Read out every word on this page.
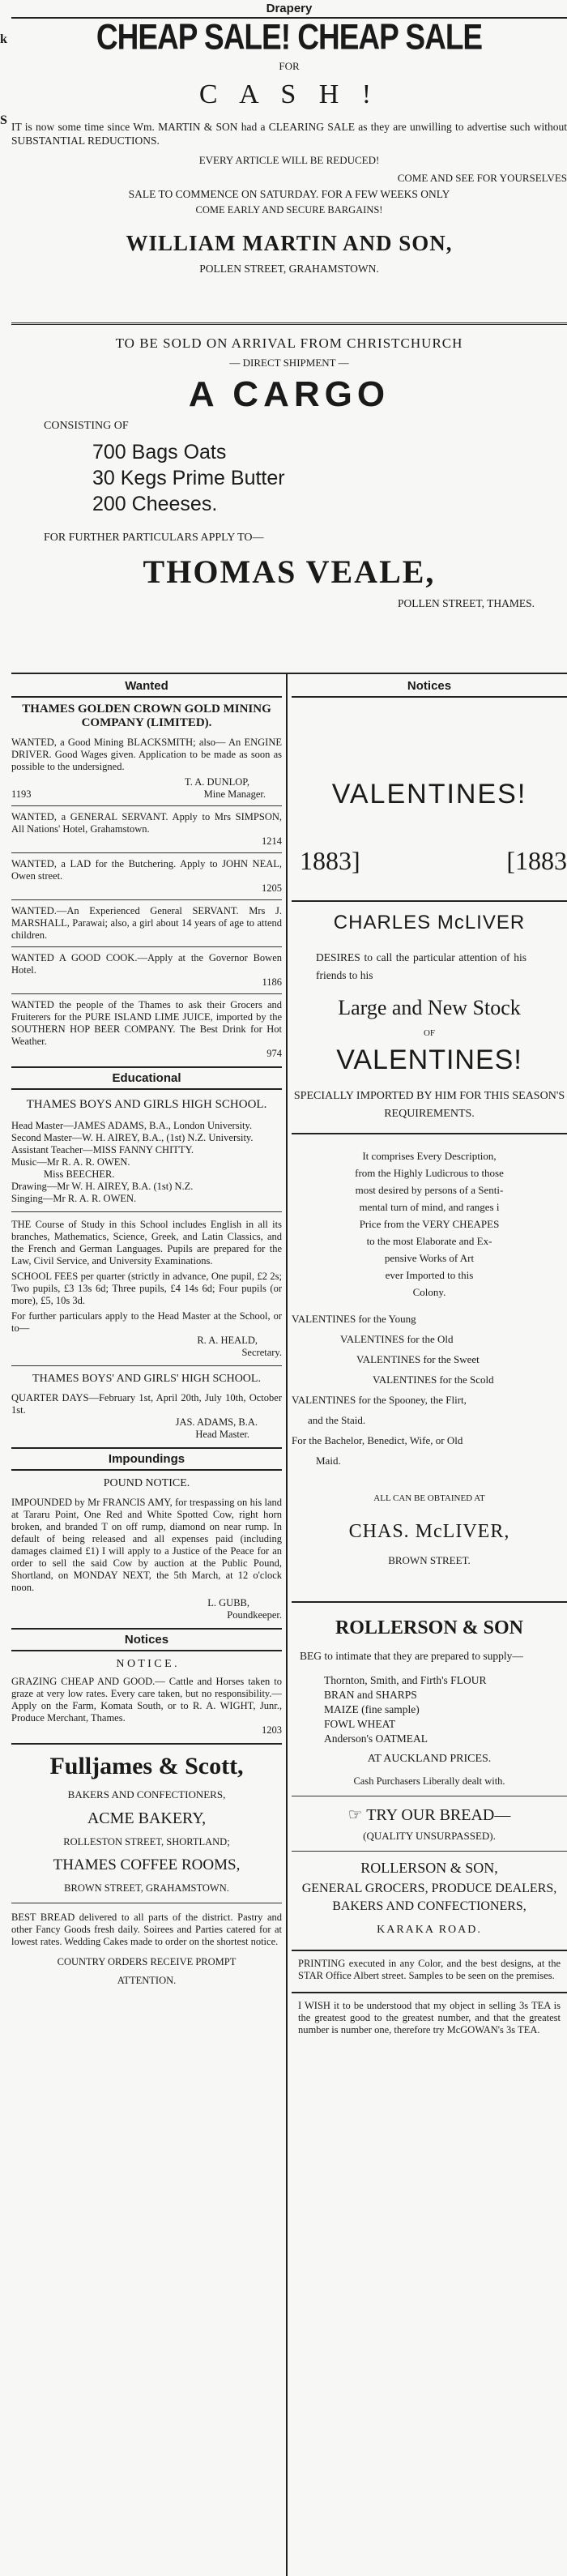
k
S
Drapery
CHEAP SALE! CHEAP SALE
FOR
C A S H !
IT is now some time since Wm. MARTIN & SON had a CLEARING SALE as they are unwilling to advertise such without SUBSTANTIAL REDUCTIONS.
EVERY ARTICLE WILL BE REDUCED!
COME AND SEE FOR YOURSELVES
SALE TO COMMENCE ON SATURDAY. FOR A FEW WEEKS ONLY
COME EARLY AND SECURE BARGAINS!
WILLIAM MARTIN AND SON,
POLLEN STREET, GRAHAMSTOWN.
TO BE SOLD ON ARRIVAL FROM CHRISTCHURCH
— DIRECT SHIPMENT —
A CARGO
CONSISTING OF
700 Bags Oats
30 Kegs Prime Butter
200 Cheeses.
FOR FURTHER PARTICULARS APPLY TO—
THOMAS VEALE,
POLLEN STREET, THAMES.
Wanted
THAMES GOLDEN CROWN GOLD MINING COMPANY (LIMITED).
WANTED, a Good Mining BLACKSMITH; also— An ENGINE DRIVER. Good Wages given. Application to be made as soon as possible to the undersigned.
T. A. DUNLOP,
1193	Mine Manager.
WANTED, a GENERAL SERVANT. Apply to Mrs SIMPSON, All Nations' Hotel, Grahamstown.
1214
WANTED, a LAD for the Butchering. Apply to JOHN NEAL, Owen street.
1205
WANTED.—An Experienced General SERVANT. Mrs J. MARSHALL, Parawai; also, a girl about 14 years of age to attend children.
WANTED A GOOD COOK.—Apply at the Governor Bowen Hotel.
1186
WANTED the people of the Thames to ask their Grocers and Fruiterers for the PURE ISLAND LIME JUICE, imported by the SOUTHERN HOP BEER COMPANY. The Best Drink for Hot Weather.
974
Educational
THAMES BOYS AND GIRLS HIGH SCHOOL.
Head Master—JAMES ADAMS, B.A., London University.
Second Master—W. H. AIREY, B.A., (1st) N.Z. University.
Assistant Teacher—MISS FANNY CHITTY.
Music—Mr R. A. R. OWEN.
Miss BEECHER.
Drawing—Mr W. H. AIREY, B.A. (1st) N.Z.
Singing—Mr R. A. R. OWEN.
THE Course of Study in this School includes English in all its branches, Mathematics, Science, Greek, and Latin Classics, and the French and German Languages. Pupils are prepared for the Law, Civil Service, and University Examinations.
SCHOOL FEES per quarter (strictly in advance, One pupil, £2 2s; Two pupils, £3 13s 6d; Three pupils, £4 14s 6d; Four pupils (or more), £5, 10s 3d.
For further particulars apply to the Head Master at the School, or to—
R. A. HEALD,
Secretary.
THAMES BOYS' AND GIRLS' HIGH SCHOOL.
QUARTER DAYS—February 1st, April 20th, July 10th, October 1st.
JAS. ADAMS, B.A.
Head Master.
Impoundings
POUND NOTICE.
IMPOUNDED by Mr FRANCIS AMY, for trespassing on his land at Tararu Point, One Red and White Spotted Cow, right horn broken, and branded T on off rump, diamond on near rump. In default of being released and all expenses paid (including damages claimed £1) I will apply to a Justice of the Peace for an order to sell the said Cow by auction at the Public Pound, Shortland, on MONDAY NEXT, the 5th March, at 12 o'clock noon.
L. GUBB,
Poundkeeper.
Notices
N O T I C E .
GRAZING CHEAP AND GOOD.— Cattle and Horses taken to graze at very low rates. Every care taken, but no responsibility.—Apply on the Farm, Komata South, or to R. A. WIGHT, Junr., Produce Merchant, Thames.
1203
Fulljames & Scott,
BAKERS AND CONFECTIONERS,
ACME BAKERY,
ROLLESTON STREET, SHORTLAND;
THAMES COFFEE ROOMS,
BROWN STREET, GRAHAMSTOWN.
BEST BREAD delivered to all parts of the district. Pastry and other Fancy Goods fresh daily. Soirees and Parties catered for at lowest rates. Wedding Cakes made to order on the shortest notice.
COUNTRY ORDERS RECEIVE PROMPT
ATTENTION.
Notices
VALENTINES!
1883]	[1883
CHARLES McLIVER
DESIRES to call the particular attention of his friends to his
Large and New Stock
OF
VALENTINES!
SPECIALLY IMPORTED BY HIM FOR THIS SEASON'S REQUIREMENTS.
It comprises Every Description,
from the Highly Ludicrous to those
most desired by persons of a Senti-
mental turn of mind, and ranges i
Price from the VERY CHEAPES
to the most Elaborate and Ex-
pensive Works of Art
ever Imported to this
Colony.
VALENTINES for the Young
VALENTINES for the Old
VALENTINES for the Sweet
VALENTINES for the Scold
VALENTINES for the Spooney, the Flirt,
and the Staid.
For the Bachelor, Benedict, Wife, or Old
Maid.
ALL CAN BE OBTAINED AT
CHAS. McLIVER,
BROWN STREET.
ROLLERSON & SON
BEG to intimate that they are prepared to supply—
Thornton, Smith, and Firth's FLOUR
BRAN and SHARPS
MAIZE (fine sample)
FOWL WHEAT
Anderson's OATMEAL
AT AUCKLAND PRICES.
Cash Purchasers Liberally dealt with.
☞ TRY OUR BREAD—
(QUALITY UNSURPASSED).
ROLLERSON & SON,
GENERAL GROCERS, PRODUCE DEALERS, BAKERS AND CONFECTIONERS,
KARAKA ROAD.
PRINTING executed in any Color, and the best designs, at the STAR Office Albert street. Samples to be seen on the premises.
I WISH it to be understood that my object in selling 3s TEA is the greatest good to the greatest number, and that the greatest number is number one, therefore try McGOWAN's 3s TEA.
